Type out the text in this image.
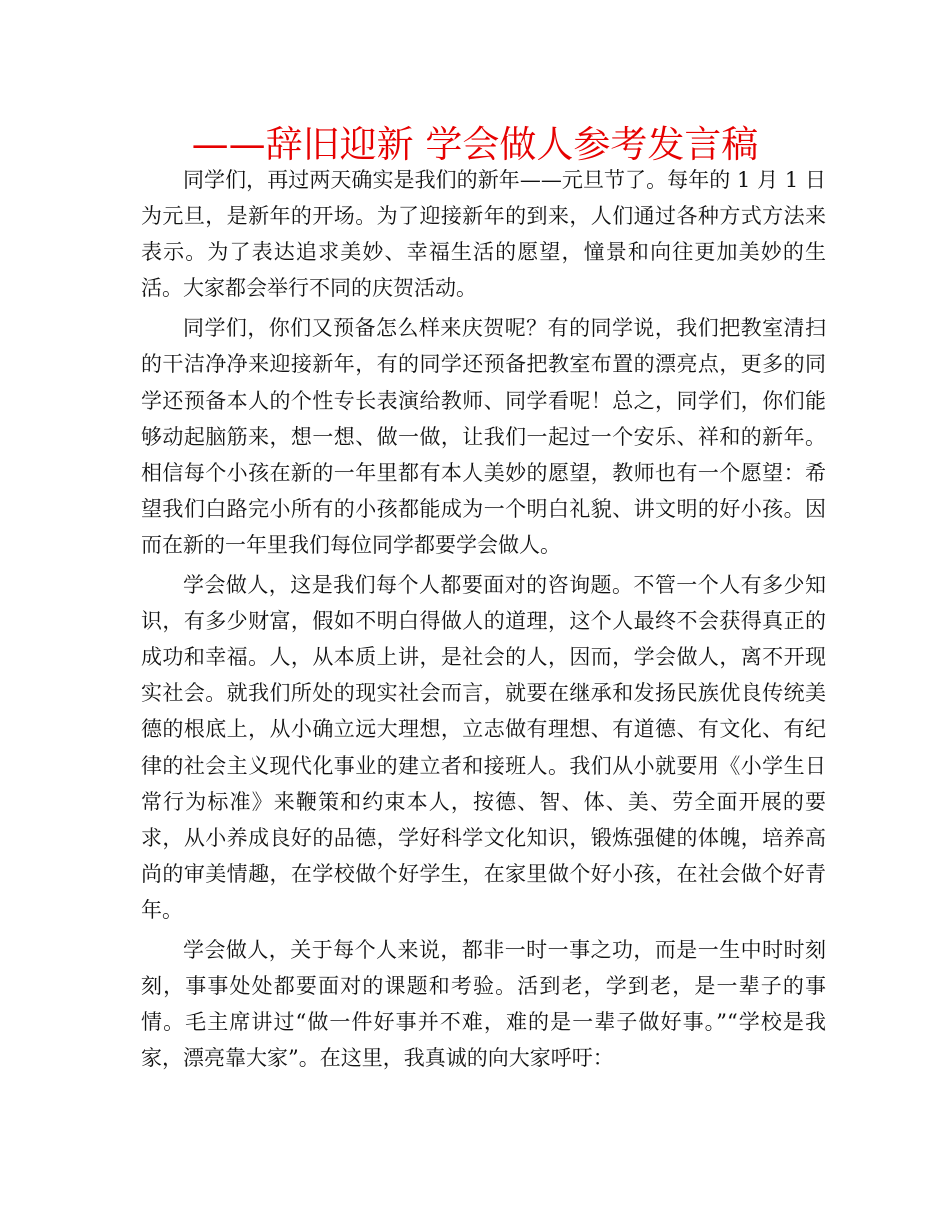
——辞旧迎新 学会做人参考发言稿

同学们，再过两天确实是我们的新年——元旦节了。每年的 1 月 1 日为元旦，是新年的开场。为了迎接新年的到来，人们通过各种方式方法来表示。为了表达追求美妙、幸福生活的愿望，憧景和向往更加美妙的生活。大家都会举行不同的庆贺活动。

同学们，你们又预备怎么样来庆贺呢？有的同学说，我们把教室清扫的干洁净净来迎接新年，有的同学还预备把教室布置的漂亮点，更多的同学还预备本人的个性专长表演给教师、同学看呢！总之，同学们，你们能够动起脑筋来，想一想、做一做，让我们一起过一个安乐、祥和的新年。相信每个小孩在新的一年里都有本人美妙的愿望，教师也有一个愿望：希望我们白路完小所有的小孩都能成为一个明白礼貌、讲文明的好小孩。因而在新的一年里我们每位同学都要学会做人。

学会做人，这是我们每个人都要面对的咨询题。不管一个人有多少知识，有多少财富，假如不明白得做人的道理，这个人最终不会获得真正的成功和幸福。人，从本质上讲，是社会的人，因而，学会做人，离不开现实社会。就我们所处的现实社会而言，就要在继承和发扬民族优良传统美德的根底上，从小确立远大理想，立志做有理想、有道德、有文化、有纪律的社会主义现代化事业的建立者和接班人。我们从小就要用《小学生日常行为标准》来鞭策和约束本人，按德、智、体、美、劳全面开展的要求，从小养成良好的品德，学好科学文化知识，锻炼强健的体魄，培养高尚的审美情趣，在学校做个好学生，在家里做个好小孩，在社会做个好青年。

学会做人，关于每个人来说，都非一时一事之功，而是一生中时时刻刻，事事处处都要面对的课题和考验。活到老，学到老，是一辈子的事情。毛主席讲过“做一件好事并不难，难的是一辈子做好事。”“学校是我家，漂亮靠大家”。在这里，我真诚的向大家呼吁：
